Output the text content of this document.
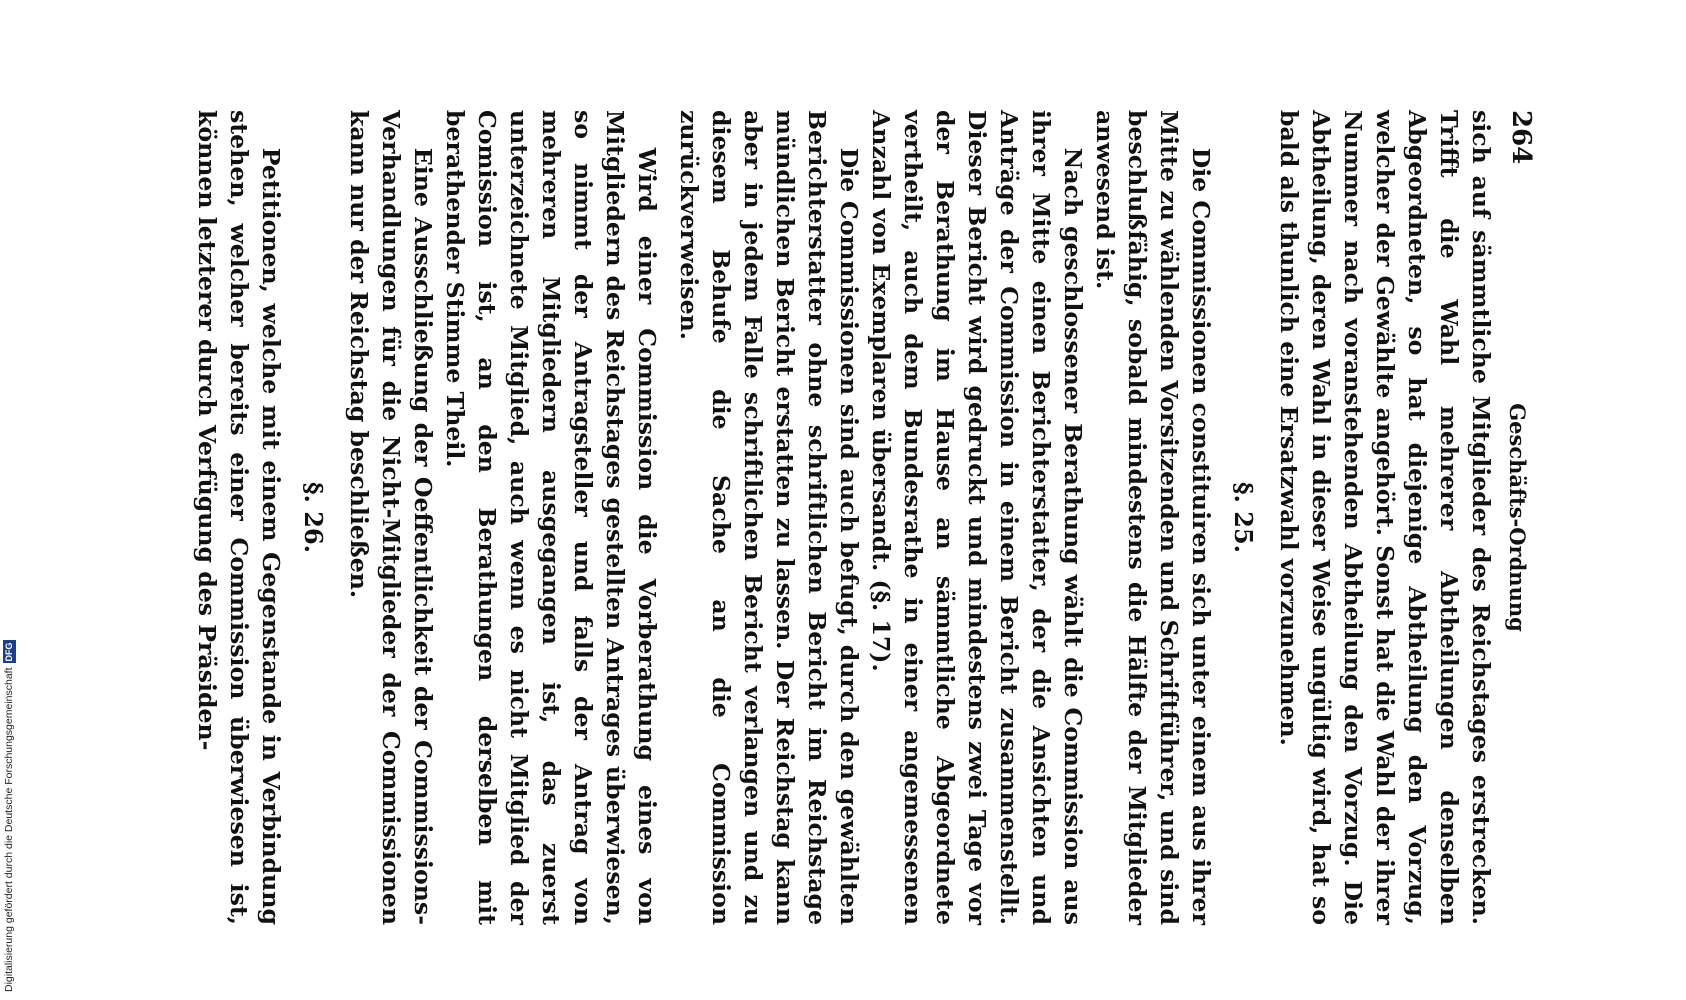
264
Geschäfts-Ordnung

sich auf sämmtliche Mitglieder des Reichstages erstrecken. Trifft die Wahl mehrerer Abtheilungen denselben Abgeordneten, so hat diejenige Abtheilung den Vorzug, welcher der Gewählte angehört. Sonst hat die Wahl der ihrer Nummer nach voranstehenden Abtheilung den Vorzug. Die Abtheilung, deren Wahl in dieser Weise ungültig wird, hat so bald als thunlich eine Ersatzwahl vorzunehmen.

§. 25.

Die Commissionen constituiren sich unter einem aus ihrer Mitte zu wählenden Vorsitzenden und Schriftführer, und sind beschlußfähig, sobald mindestens die Hälfte der Mitglieder anwesend ist.

Nach geschlossener Berathung wählt die Commission aus ihrer Mitte einen Berichterstatter, der die Ansichten und Anträge der Commission in einem Bericht zusammenstellt. Dieser Bericht wird gedruckt und mindestens zwei Tage vor der Berathung im Hause an sämmtliche Abgeordnete vertheilt, auch dem Bundesrathe in einer angemessenen Anzahl von Exemplaren übersandt. (§. 17).

Die Commissionen sind auch befugt, durch den gewählten Berichterstatter ohne schriftlichen Bericht im Reichstage mündlichen Bericht erstatten zu lassen. Der Reichstag kann aber in jedem Falle schriftlichen Bericht verlangen und zu diesem Behufe die Sache an die Commission zurückverweisen.

Wird einer Commission die Vorberathung eines von Mitgliedern des Reichstages gestellten Antrages überwiesen, so nimmt der Antragsteller und falls der Antrag von mehreren Mitgliedern ausgegangen ist, das zuerst unterzeichnete Mitglied, auch wenn es nicht Mitglied der Comission ist, an den Berathungen derselben mit berathender Stimme Theil.

Eine Ausschließung der Oeffentlichkeit der Commissions-Verhandlungen für die Nicht-Mitglieder der Commissionen kann nur der Reichstag beschließen.

§. 26.

Petitionen, welche mit einem Gegenstande in Verbindung stehen, welcher bereits einer Commission überwiesen ist, können letzterer durch Verfügung des Präsiden-

Digitalisierung gefördert durch die Deutsche Forschungsgemeinschaft
DFG
